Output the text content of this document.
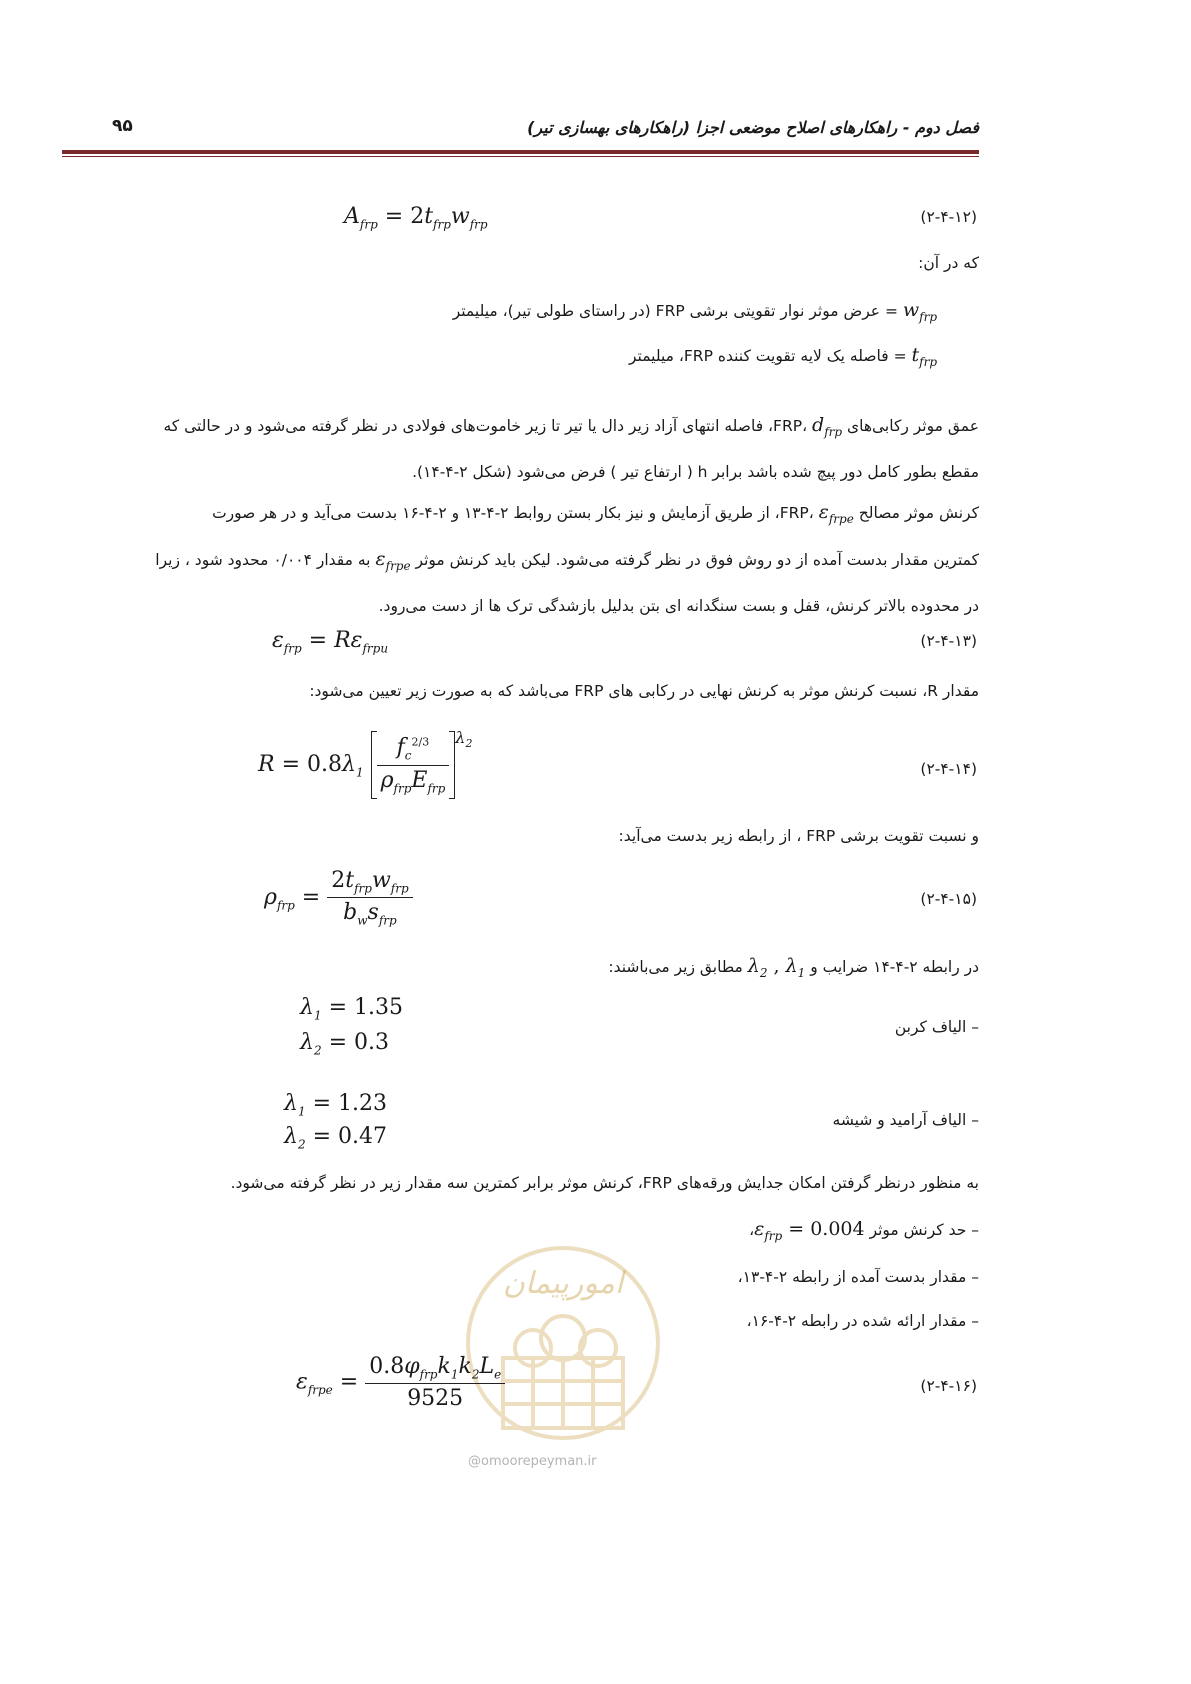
فصل دوم - راهکارهای اصلاح موضعی اجزا (راهکارهای بهسازی تیر)
۹۵
$A_{frp} = 2t_{frp}w_{frp}$	(۲-۴-۱۲)
که در آن:
$w_{frp}$ = عرض موثر نوار تقویتی برشی FRP (در راستای طولی تیر)، میلیمتر
$t_{frp}$ = فاصله یک لایه تقویت کننده FRP، میلیمتر
عمق موثر رکابی‌های FRP، $d_{frp}،$ فاصله انتهای آزاد زیر دال یا تیر تا زیر خاموت‌های فولادی در نظر گرفته می‌شود و در حالتی که
مقطع بطور کامل دور پیچ شده باشد برابر h ( ارتفاع تیر ) فرض می‌شود (شکل ۲-۴-۱۴).
کرنش موثر مصالح FRP، $\varepsilon_{frpe}،$ از طریق آزمایش و نیز بکار بستن روابط ۲-۴-۱۳ و ۲-۴-۱۶ بدست می‌آید و در هر صورت
کمترین مقدار بدست آمده از دو روش فوق در نظر گرفته می‌شود. لیکن باید کرنش موثر $\varepsilon_{frpe}$ به مقدار ۰/۰۰۴ محدود شود ، زیرا
در محدوده بالاتر کرنش، قفل و بست سنگدانه ای بتن بدلیل بازشدگی ترک ها از دست می‌رود.
$\varepsilon_{frp} = R\varepsilon_{frpu}$	(۲-۴-۱۳)
مقدار R، نسبت کرنش موثر به کرنش نهایی در رکابی های FRP می‌باشد که به صورت زیر تعیین می‌شود:
$R = 0.8\lambda_1 \frac{f_c^{2/3}}{\rho_{frp}E_{frp}} ^{\lambda_2}$
(۲-۴-۱۴)
و نسبت تقویت برشی FRP ، از رابطه زیر بدست می‌آید:
$\rho_{frp} = \frac{2t_{frp}w_{frp}}{b_ws_{frp}}$	(۲-۴-۱۵)
در رابطه ۲-۴-۱۴ ضرایب و $\lambda_2$ , $\lambda_1$ مطابق زیر می‌باشند:
– الیاف کربن
$\lambda_1 = 1.35$
$\lambda_2 = 0.3$
– الیاف آرامید و شیشه
$\lambda_1 = 1.23$
$\lambda_2 = 0.47$
به منظور درنظر گرفتن امکان جدایش ورقه‌های FRP، کرنش موثر برابر کمترین سه مقدار زیر در نظر گرفته می‌شود.
– حد کرنش موثر $\varepsilon_{frp}$ = 0.004،
– مقدار بدست آمده از رابطه ۲-۴-۱۳،
– مقدار ارائه شده در رابطه ۲-۴-۱۶،
امورپیمان
@omoorepeyman.ir
$\varepsilon_{frpe} = \frac{0.8\varphi_{frp}k_1k_2L_e}{9525}$	(۲-۴-۱۶)
